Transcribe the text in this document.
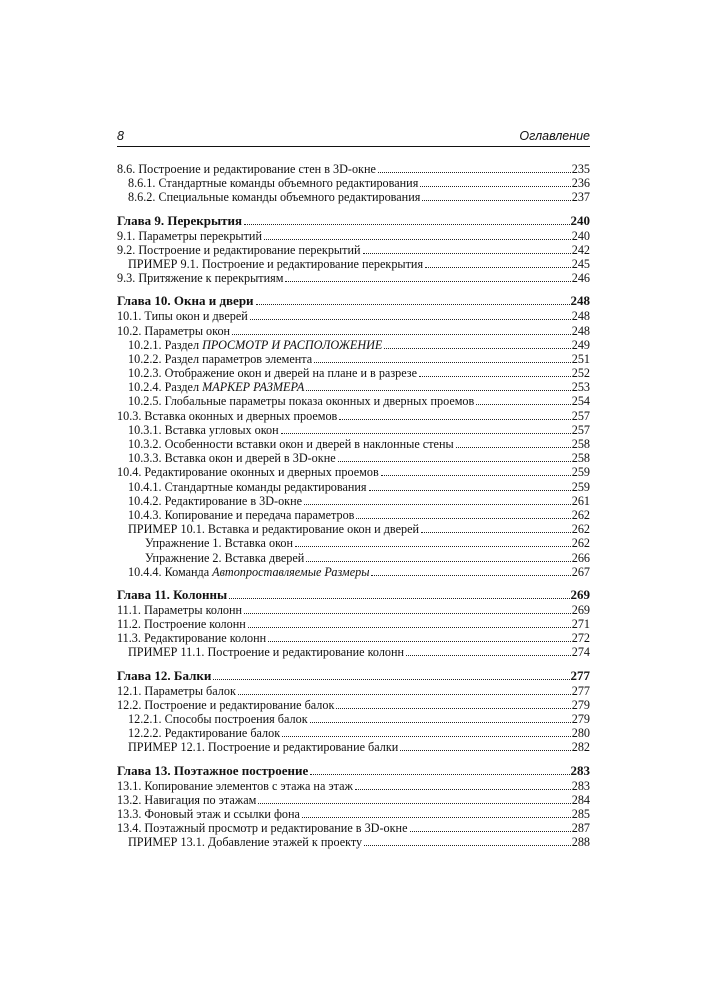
8	Оглавление
8.6. Построение и редактирование стен в 3D-окне	235
8.6.1. Стандартные команды объемного редактирования	236
8.6.2. Специальные команды объемного редактирования	237
Глава 9. Перекрытия	240
9.1. Параметры перекрытий	240
9.2. Построение и редактирование перекрытий	242
ПРИМЕР 9.1. Построение и редактирование перекрытия	245
9.3. Притяжение к перекрытиям	246
Глава 10. Окна и двери	248
10.1. Типы окон и дверей	248
10.2. Параметры окон	248
10.2.1. Раздел ПРОСМОТР И РАСПОЛОЖЕНИЕ	249
10.2.2. Раздел параметров элемента	251
10.2.3. Отображение окон и дверей на плане и в разрезе	252
10.2.4. Раздел МАРКЕР РАЗМЕРА	253
10.2.5. Глобальные параметры показа оконных и дверных проемов	254
10.3. Вставка оконных и дверных проемов	257
10.3.1. Вставка угловых окон	257
10.3.2. Особенности вставки окон и дверей в наклонные стены	258
10.3.3. Вставка окон и дверей в 3D-окне	258
10.4. Редактирование оконных и дверных проемов	259
10.4.1. Стандартные команды редактирования	259
10.4.2. Редактирование в 3D-окне	261
10.4.3. Копирование и передача параметров	262
ПРИМЕР 10.1. Вставка и редактирование окон и дверей	262
Упражнение 1. Вставка окон	262
Упражнение 2. Вставка дверей	266
10.4.4. Команда Автопроставляемые Размеры	267
Глава 11. Колонны	269
11.1. Параметры колонн	269
11.2. Построение колонн	271
11.3. Редактирование колонн	272
ПРИМЕР 11.1. Построение и редактирование колонн	274
Глава 12. Балки	277
12.1. Параметры балок	277
12.2. Построение и редактирование балок	279
12.2.1. Способы построения балок	279
12.2.2. Редактирование балок	280
ПРИМЕР 12.1. Построение и редактирование балки	282
Глава 13. Поэтажное построение	283
13.1. Копирование элементов с этажа на этаж	283
13.2. Навигация по этажам	284
13.3. Фоновый этаж и ссылки фона	285
13.4. Поэтажный просмотр и редактирование в 3D-окне	287
ПРИМЕР 13.1. Добавление этажей к проекту	288
